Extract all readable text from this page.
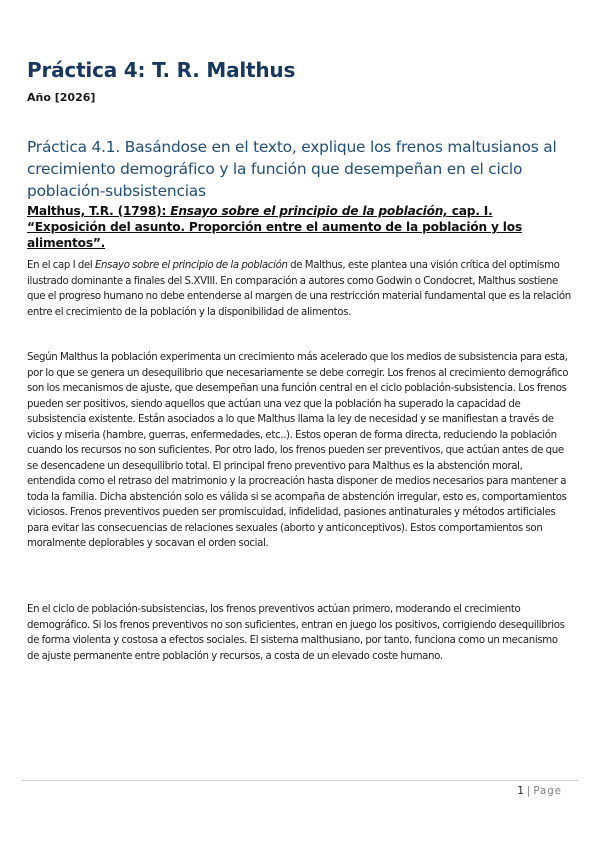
Práctica 4: T. R. Malthus

Año [2026]

Práctica 4.1. Basándose en el texto, explique los frenos maltusianos al crecimiento demográfico y la función que desempeñan en el ciclo población-subsistencias

Malthus, T.R. (1798): Ensayo sobre el principio de la población, cap. I. “Exposición del asunto. Proporción entre el aumento de la población y los alimentos”.

En el cap I del Ensayo sobre el principio de la población de Malthus, este plantea una visión crítica del optimismo ilustrado dominante a finales del S.XVIII. En comparación a autores como Godwin o Condocret, Malthus sostiene que el progreso humano no debe entenderse al margen de una restricción material fundamental que es la relación entre el crecimiento de la población y la disponibilidad de alimentos.

Según Malthus la población experimenta un crecimiento más acelerado que los medios de subsistencia para esta, por lo que se genera un desequilibrio que necesariamente se debe corregir. Los frenos al crecimiento demográfico son los mecanismos de ajuste, que desempeñan una función central en el ciclo población-subsistencia. Los frenos pueden ser positivos, siendo aquellos que actúan una vez que la población ha superado la capacidad de subsistencia existente. Están asociados a lo que Malthus llama la ley de necesidad y se manifiestan a través de vicios y miseria (hambre, guerras, enfermedades, etc..). Estos operan de forma directa, reduciendo la población cuando los recursos no son suficientes. Por otro lado, los frenos pueden ser preventivos, que actúan antes de que se desencadene un desequilibrio total. El principal freno preventivo para Malthus es la abstención moral, entendida como el retraso del matrimonio y la procreación hasta disponer de medios necesarios para mantener a toda la familia. Dicha abstención solo es válida si se acompaña de abstención irregular, esto es, comportamientos viciosos. Frenos preventivos pueden ser promiscuidad, infidelidad, pasiones antinaturales y métodos artificiales para evitar las consecuencias de relaciones sexuales (aborto y anticonceptivos). Estos comportamientos son moralmente deplorables y socavan el orden social.

En el ciclo de población-subsistencias, los frenos preventivos actúan primero, moderando el crecimiento demográfico. Si los frenos preventivos no son suficientes, entran en juego los positivos, corrigiendo desequilibrios de forma violenta y costosa a efectos sociales. El sistema malthusiano, por tanto, funciona como un mecanismo de ajuste permanente entre población y recursos, a costa de un elevado coste humano.

1 | Page
